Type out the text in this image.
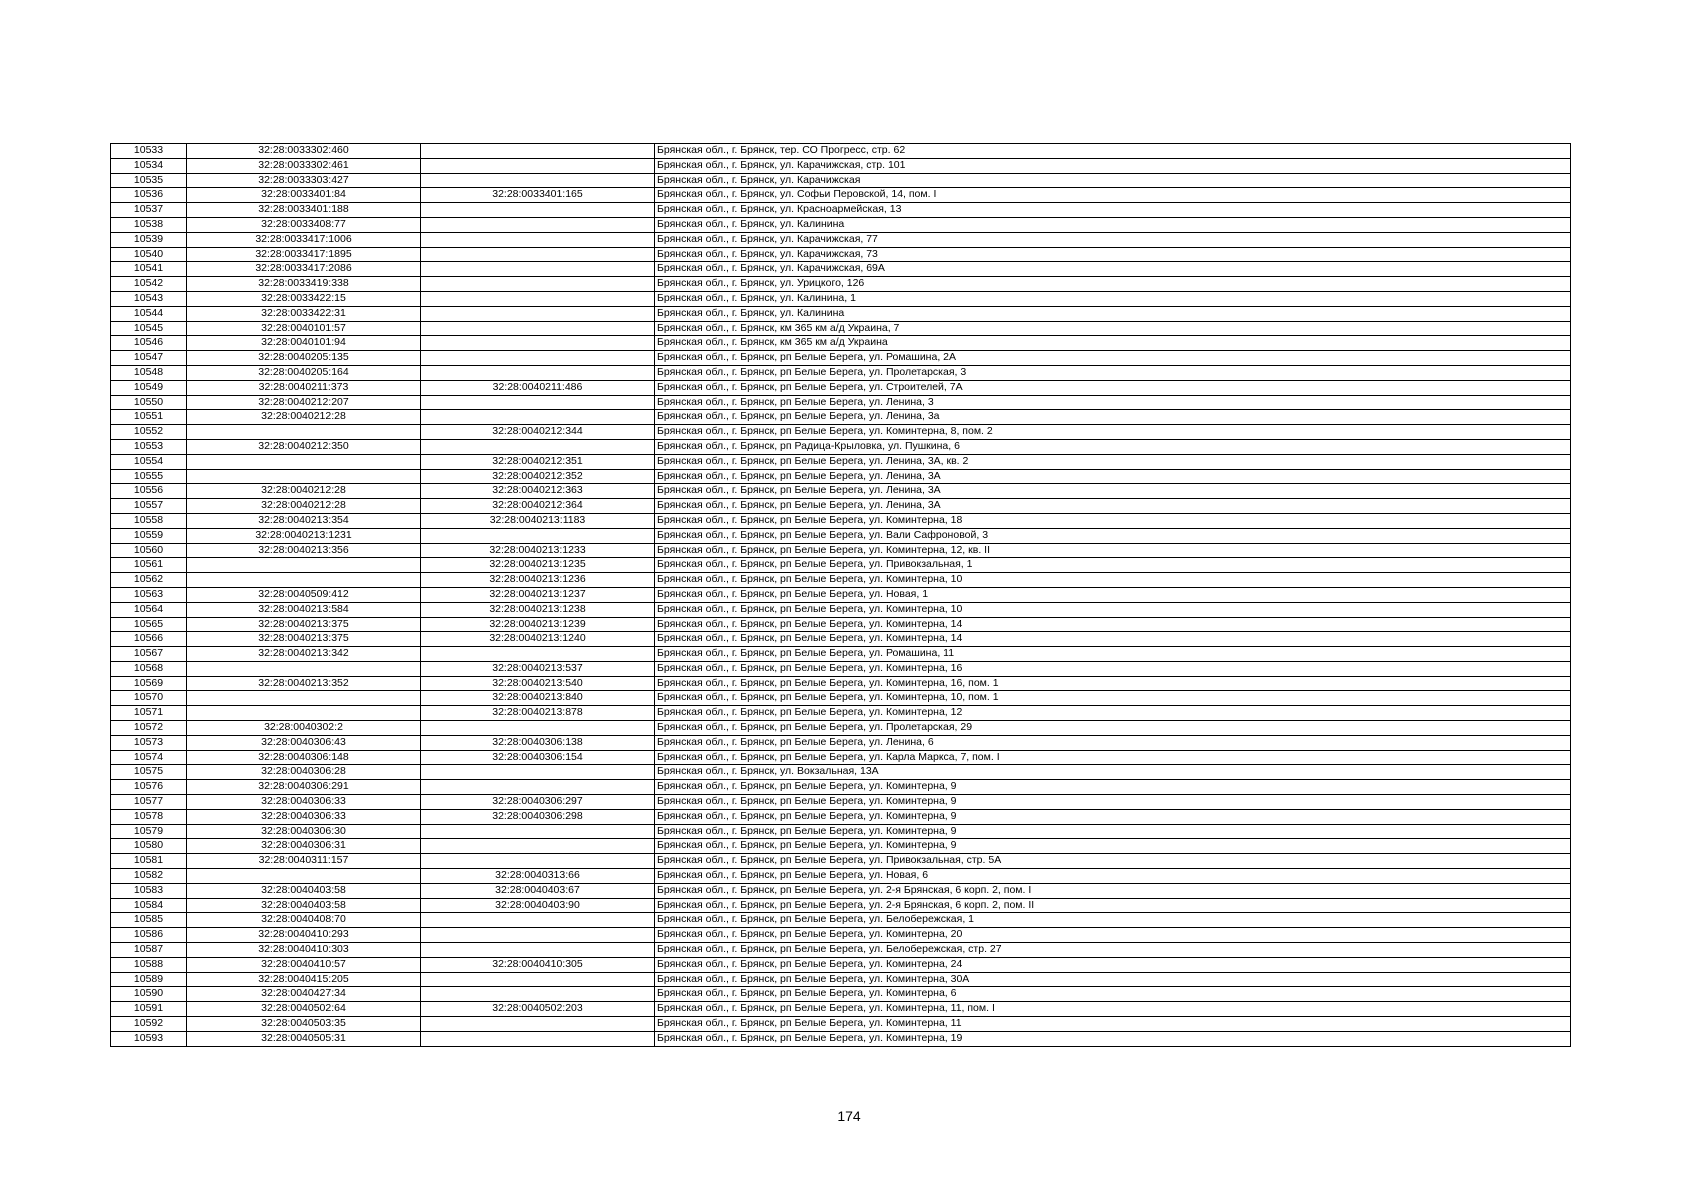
10533	32:28:0033302:460		Брянская обл., г. Брянск, тер. СО Прогресс, стр. 62
10534	32:28:0033302:461		Брянская обл., г. Брянск, ул. Карачижская, стр. 101
10535	32:28:0033303:427		Брянская обл., г. Брянск, ул. Карачижская
10536	32:28:0033401:84	32:28:0033401:165	Брянская обл., г. Брянск, ул. Софьи Перовской, 14, пом. I
10537	32:28:0033401:188		Брянская обл., г. Брянск, ул. Красноармейская, 13
10538	32:28:0033408:77		Брянская обл., г. Брянск, ул. Калинина
10539	32:28:0033417:1006		Брянская обл., г. Брянск, ул. Карачижская, 77
10540	32:28:0033417:1895		Брянская обл., г. Брянск, ул. Карачижская, 73
10541	32:28:0033417:2086		Брянская обл., г. Брянск, ул. Карачижская, 69А
10542	32:28:0033419:338		Брянская обл., г. Брянск, ул. Урицкого, 126
10543	32:28:0033422:15		Брянская обл., г. Брянск, ул. Калинина, 1
10544	32:28:0033422:31		Брянская обл., г. Брянск, ул. Калинина
10545	32:28:0040101:57		Брянская обл., г. Брянск, км 365 км а/д Украина, 7
10546	32:28:0040101:94		Брянская обл., г. Брянск, км 365 км а/д Украина
10547	32:28:0040205:135		Брянская обл., г. Брянск, рп Белые Берега, ул. Ромашина, 2А
10548	32:28:0040205:164		Брянская обл., г. Брянск, рп Белые Берега, ул. Пролетарская, 3
10549	32:28:0040211:373	32:28:0040211:486	Брянская обл., г. Брянск, рп Белые Берега, ул. Строителей, 7А
10550	32:28:0040212:207		Брянская обл., г. Брянск, рп Белые Берега, ул. Ленина, 3
10551	32:28:0040212:28		Брянская обл., г. Брянск, рп Белые Берега, ул. Ленина, 3а
10552		32:28:0040212:344	Брянская обл., г. Брянск, рп Белые Берега, ул. Коминтерна, 8, пом. 2
10553	32:28:0040212:350		Брянская обл., г. Брянск, рп Радица-Крыловка, ул. Пушкина, 6
10554		32:28:0040212:351	Брянская обл., г. Брянск, рп Белые Берега, ул. Ленина, 3А, кв. 2
10555		32:28:0040212:352	Брянская обл., г. Брянск, рп Белые Берега, ул. Ленина, 3А
10556	32:28:0040212:28	32:28:0040212:363	Брянская обл., г. Брянск, рп Белые Берега, ул. Ленина, 3А
10557	32:28:0040212:28	32:28:0040212:364	Брянская обл., г. Брянск, рп Белые Берега, ул. Ленина, 3А
10558	32:28:0040213:354	32:28:0040213:1183	Брянская обл., г. Брянск, рп Белые Берега, ул. Коминтерна, 18
10559	32:28:0040213:1231		Брянская обл., г. Брянск, рп Белые Берега, ул. Вали Сафроновой, 3
10560	32:28:0040213:356	32:28:0040213:1233	Брянская обл., г. Брянск, рп Белые Берега, ул. Коминтерна, 12, кв. II
10561		32:28:0040213:1235	Брянская обл., г. Брянск, рп Белые Берега, ул. Привокзальная, 1
10562		32:28:0040213:1236	Брянская обл., г. Брянск, рп Белые Берега, ул. Коминтерна, 10
10563	32:28:0040509:412	32:28:0040213:1237	Брянская обл., г. Брянск, рп Белые Берега, ул. Новая, 1
10564	32:28:0040213:584	32:28:0040213:1238	Брянская обл., г. Брянск, рп Белые Берега, ул. Коминтерна, 10
10565	32:28:0040213:375	32:28:0040213:1239	Брянская обл., г. Брянск, рп Белые Берега, ул. Коминтерна, 14
10566	32:28:0040213:375	32:28:0040213:1240	Брянская обл., г. Брянск, рп Белые Берега, ул. Коминтерна, 14
10567	32:28:0040213:342		Брянская обл., г. Брянск, рп Белые Берега, ул. Ромашина, 11
10568		32:28:0040213:537	Брянская обл., г. Брянск, рп Белые Берега, ул. Коминтерна, 16
10569	32:28:0040213:352	32:28:0040213:540	Брянская обл., г. Брянск, рп Белые Берега, ул. Коминтерна, 16, пом. 1
10570		32:28:0040213:840	Брянская обл., г. Брянск, рп Белые Берега, ул. Коминтерна, 10, пом. 1
10571		32:28:0040213:878	Брянская обл., г. Брянск, рп Белые Берега, ул. Коминтерна, 12
10572	32:28:0040302:2		Брянская обл., г. Брянск, рп Белые Берега, ул. Пролетарская, 29
10573	32:28:0040306:43	32:28:0040306:138	Брянская обл., г. Брянск, рп Белые Берега, ул. Ленина, 6
10574	32:28:0040306:148	32:28:0040306:154	Брянская обл., г. Брянск, рп Белые Берега, ул. Карла Маркса, 7, пом. I
10575	32:28:0040306:28		Брянская обл., г. Брянск, ул. Вокзальная, 13А
10576	32:28:0040306:291		Брянская обл., г. Брянск, рп Белые Берега, ул. Коминтерна, 9
10577	32:28:0040306:33	32:28:0040306:297	Брянская обл., г. Брянск, рп Белые Берега, ул. Коминтерна, 9
10578	32:28:0040306:33	32:28:0040306:298	Брянская обл., г. Брянск, рп Белые Берега, ул. Коминтерна, 9
10579	32:28:0040306:30		Брянская обл., г. Брянск, рп Белые Берега, ул. Коминтерна, 9
10580	32:28:0040306:31		Брянская обл., г. Брянск, рп Белые Берега, ул. Коминтерна, 9
10581	32:28:0040311:157		Брянская обл., г. Брянск, рп Белые Берега, ул. Привокзальная, стр. 5А
10582		32:28:0040313:66	Брянская обл., г. Брянск, рп Белые Берега, ул. Новая, 6
10583	32:28:0040403:58	32:28:0040403:67	Брянская обл., г. Брянск, рп Белые Берега, ул. 2-я Брянская, 6 корп. 2, пом. I
10584	32:28:0040403:58	32:28:0040403:90	Брянская обл., г. Брянск, рп Белые Берега, ул. 2-я Брянская, 6 корп. 2, пом. II
10585	32:28:0040408:70		Брянская обл., г. Брянск, рп Белые Берега, ул. Белобережская, 1
10586	32:28:0040410:293		Брянская обл., г. Брянск, рп Белые Берега, ул. Коминтерна, 20
10587	32:28:0040410:303		Брянская обл., г. Брянск, рп Белые Берега, ул. Белобережская, стр. 27
10588	32:28:0040410:57	32:28:0040410:305	Брянская обл., г. Брянск, рп Белые Берега, ул. Коминтерна, 24
10589	32:28:0040415:205		Брянская обл., г. Брянск, рп Белые Берега, ул. Коминтерна, 30А
10590	32:28:0040427:34		Брянская обл., г. Брянск, рп Белые Берега, ул. Коминтерна, 6
10591	32:28:0040502:64	32:28:0040502:203	Брянская обл., г. Брянск, рп Белые Берега, ул. Коминтерна, 11, пом. I
10592	32:28:0040503:35		Брянская обл., г. Брянск, рп Белые Берега, ул. Коминтерна, 11
10593	32:28:0040505:31		Брянская обл., г. Брянск, рп Белые Берега, ул. Коминтерна, 19
174
